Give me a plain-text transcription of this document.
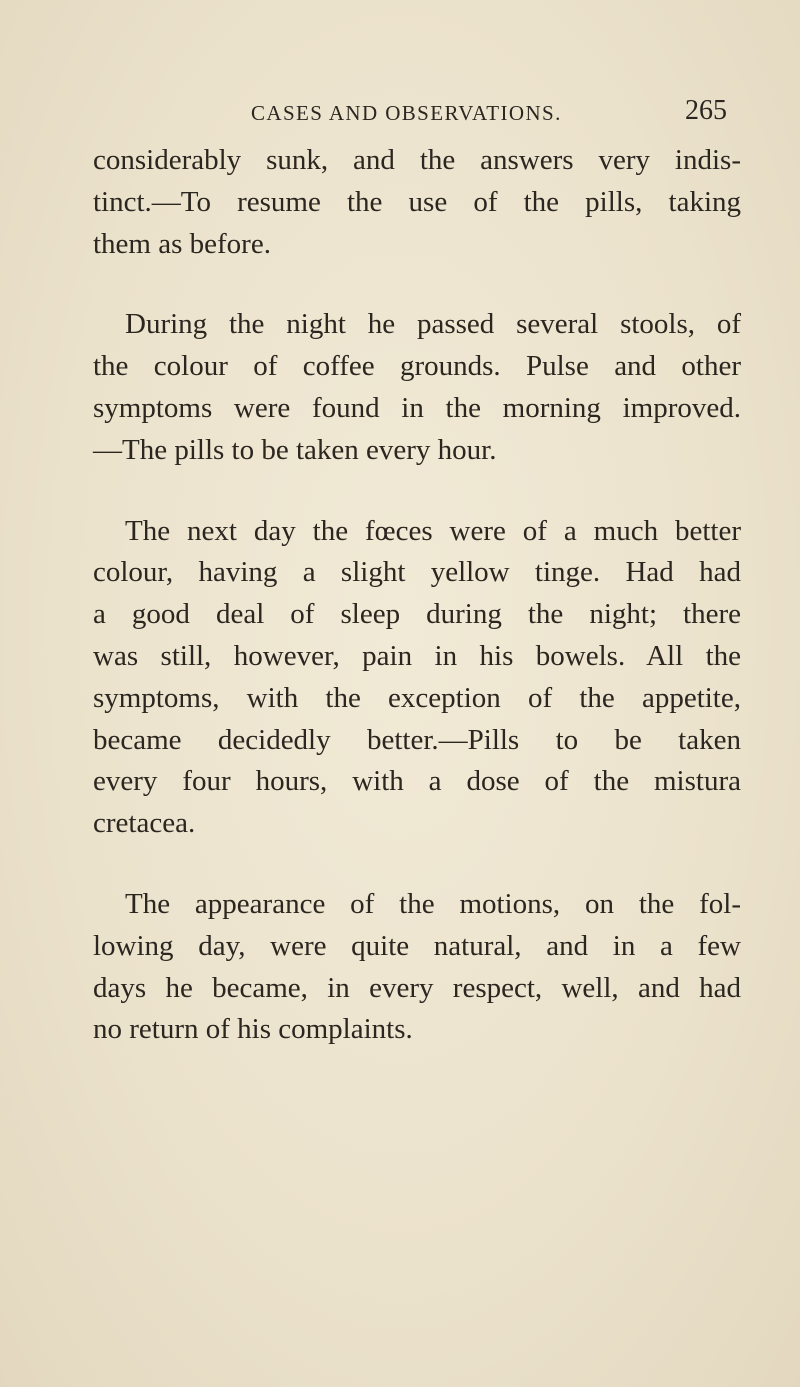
CASES AND OBSERVATIONS.	265
considerably sunk, and the answers very indis-
tinct.—To resume the use of the pills, taking
them as before.
During the night he passed several stools, of
the colour of coffee grounds. Pulse and other
symptoms were found in the morning improved.
—The pills to be taken every hour.
The next day the fœces were of a much better
colour, having a slight yellow tinge. Had had
a good deal of sleep during the night; there
was still, however, pain in his bowels. All the
symptoms, with the exception of the appetite,
became decidedly better.—Pills to be taken
every four hours, with a dose of the mistura
cretacea.
The appearance of the motions, on the fol-
lowing day, were quite natural, and in a few
days he became, in every respect, well, and had
no return of his complaints.
